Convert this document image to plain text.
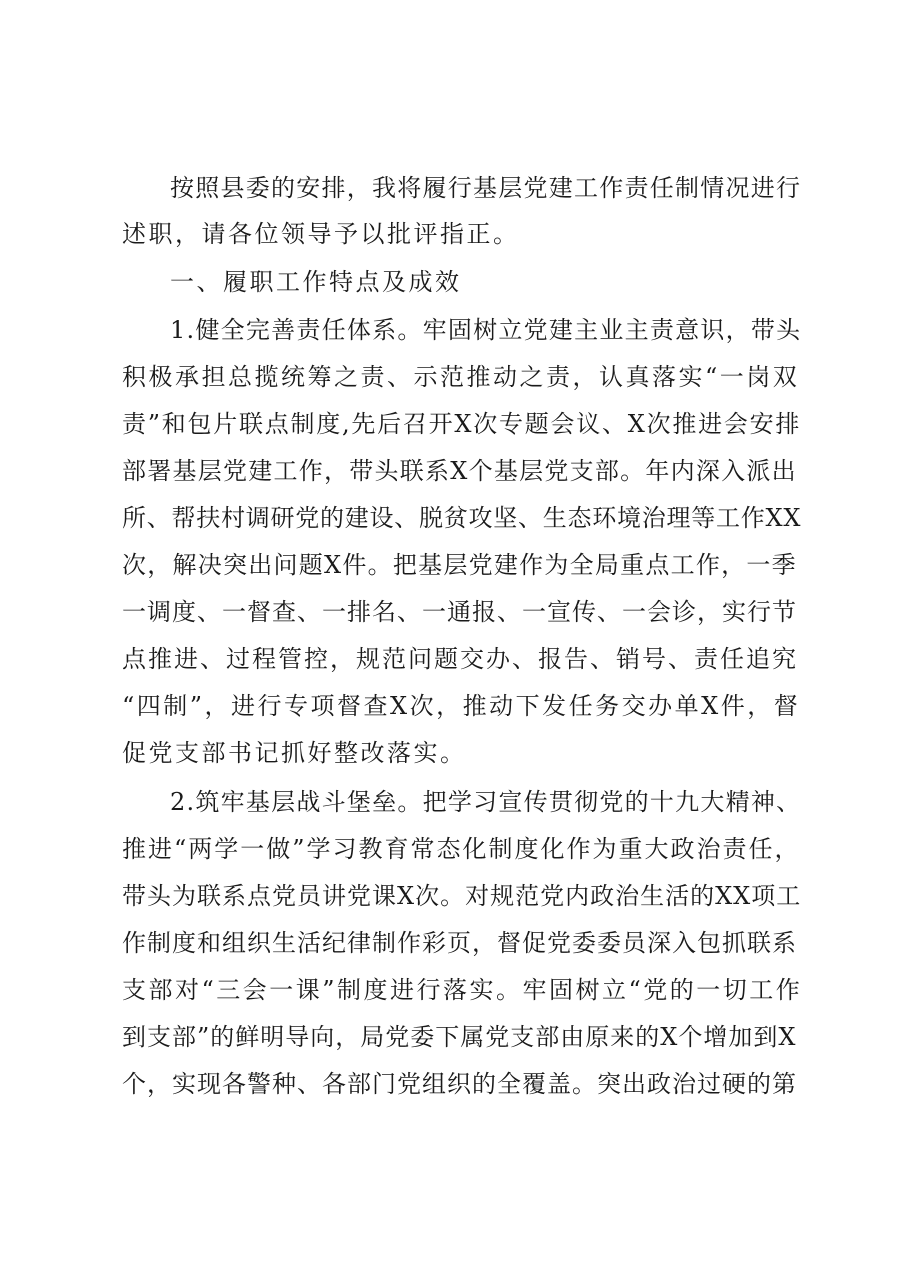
按照县委的安排，我将履行基层党建工作责任制情况进行

述职，请各位领导予以批评指正。

一、履职工作特点及成效

1.健全完善责任体系。牢固树立党建主业主责意识，带头

积极承担总揽统筹之责、示范推动之责，认真落实“一岗双

责”和包片联点制度,先后召开X次专题会议、X次推进会安排

部署基层党建工作，带头联系X个基层党支部。年内深入派出

所、帮扶村调研党的建设、脱贫攻坚、生态环境治理等工作XX

次，解决突出问题X件。把基层党建作为全局重点工作，一季

一调度、一督查、一排名、一通报、一宣传、一会诊，实行节

点推进、过程管控，规范问题交办、报告、销号、责任追究

“四制”，进行专项督查X次，推动下发任务交办单X件，督

促党支部书记抓好整改落实。

2.筑牢基层战斗堡垒。把学习宣传贯彻党的十九大精神、

推进“两学一做”学习教育常态化制度化作为重大政治责任，

带头为联系点党员讲党课X次。对规范党内政治生活的XX项工

作制度和组织生活纪律制作彩页，督促党委委员深入包抓联系

支部对“三会一课”制度进行落实。牢固树立“党的一切工作

到支部”的鲜明导向，局党委下属党支部由原来的X个增加到X

个，实现各警种、各部门党组织的全覆盖。突出政治过硬的第
